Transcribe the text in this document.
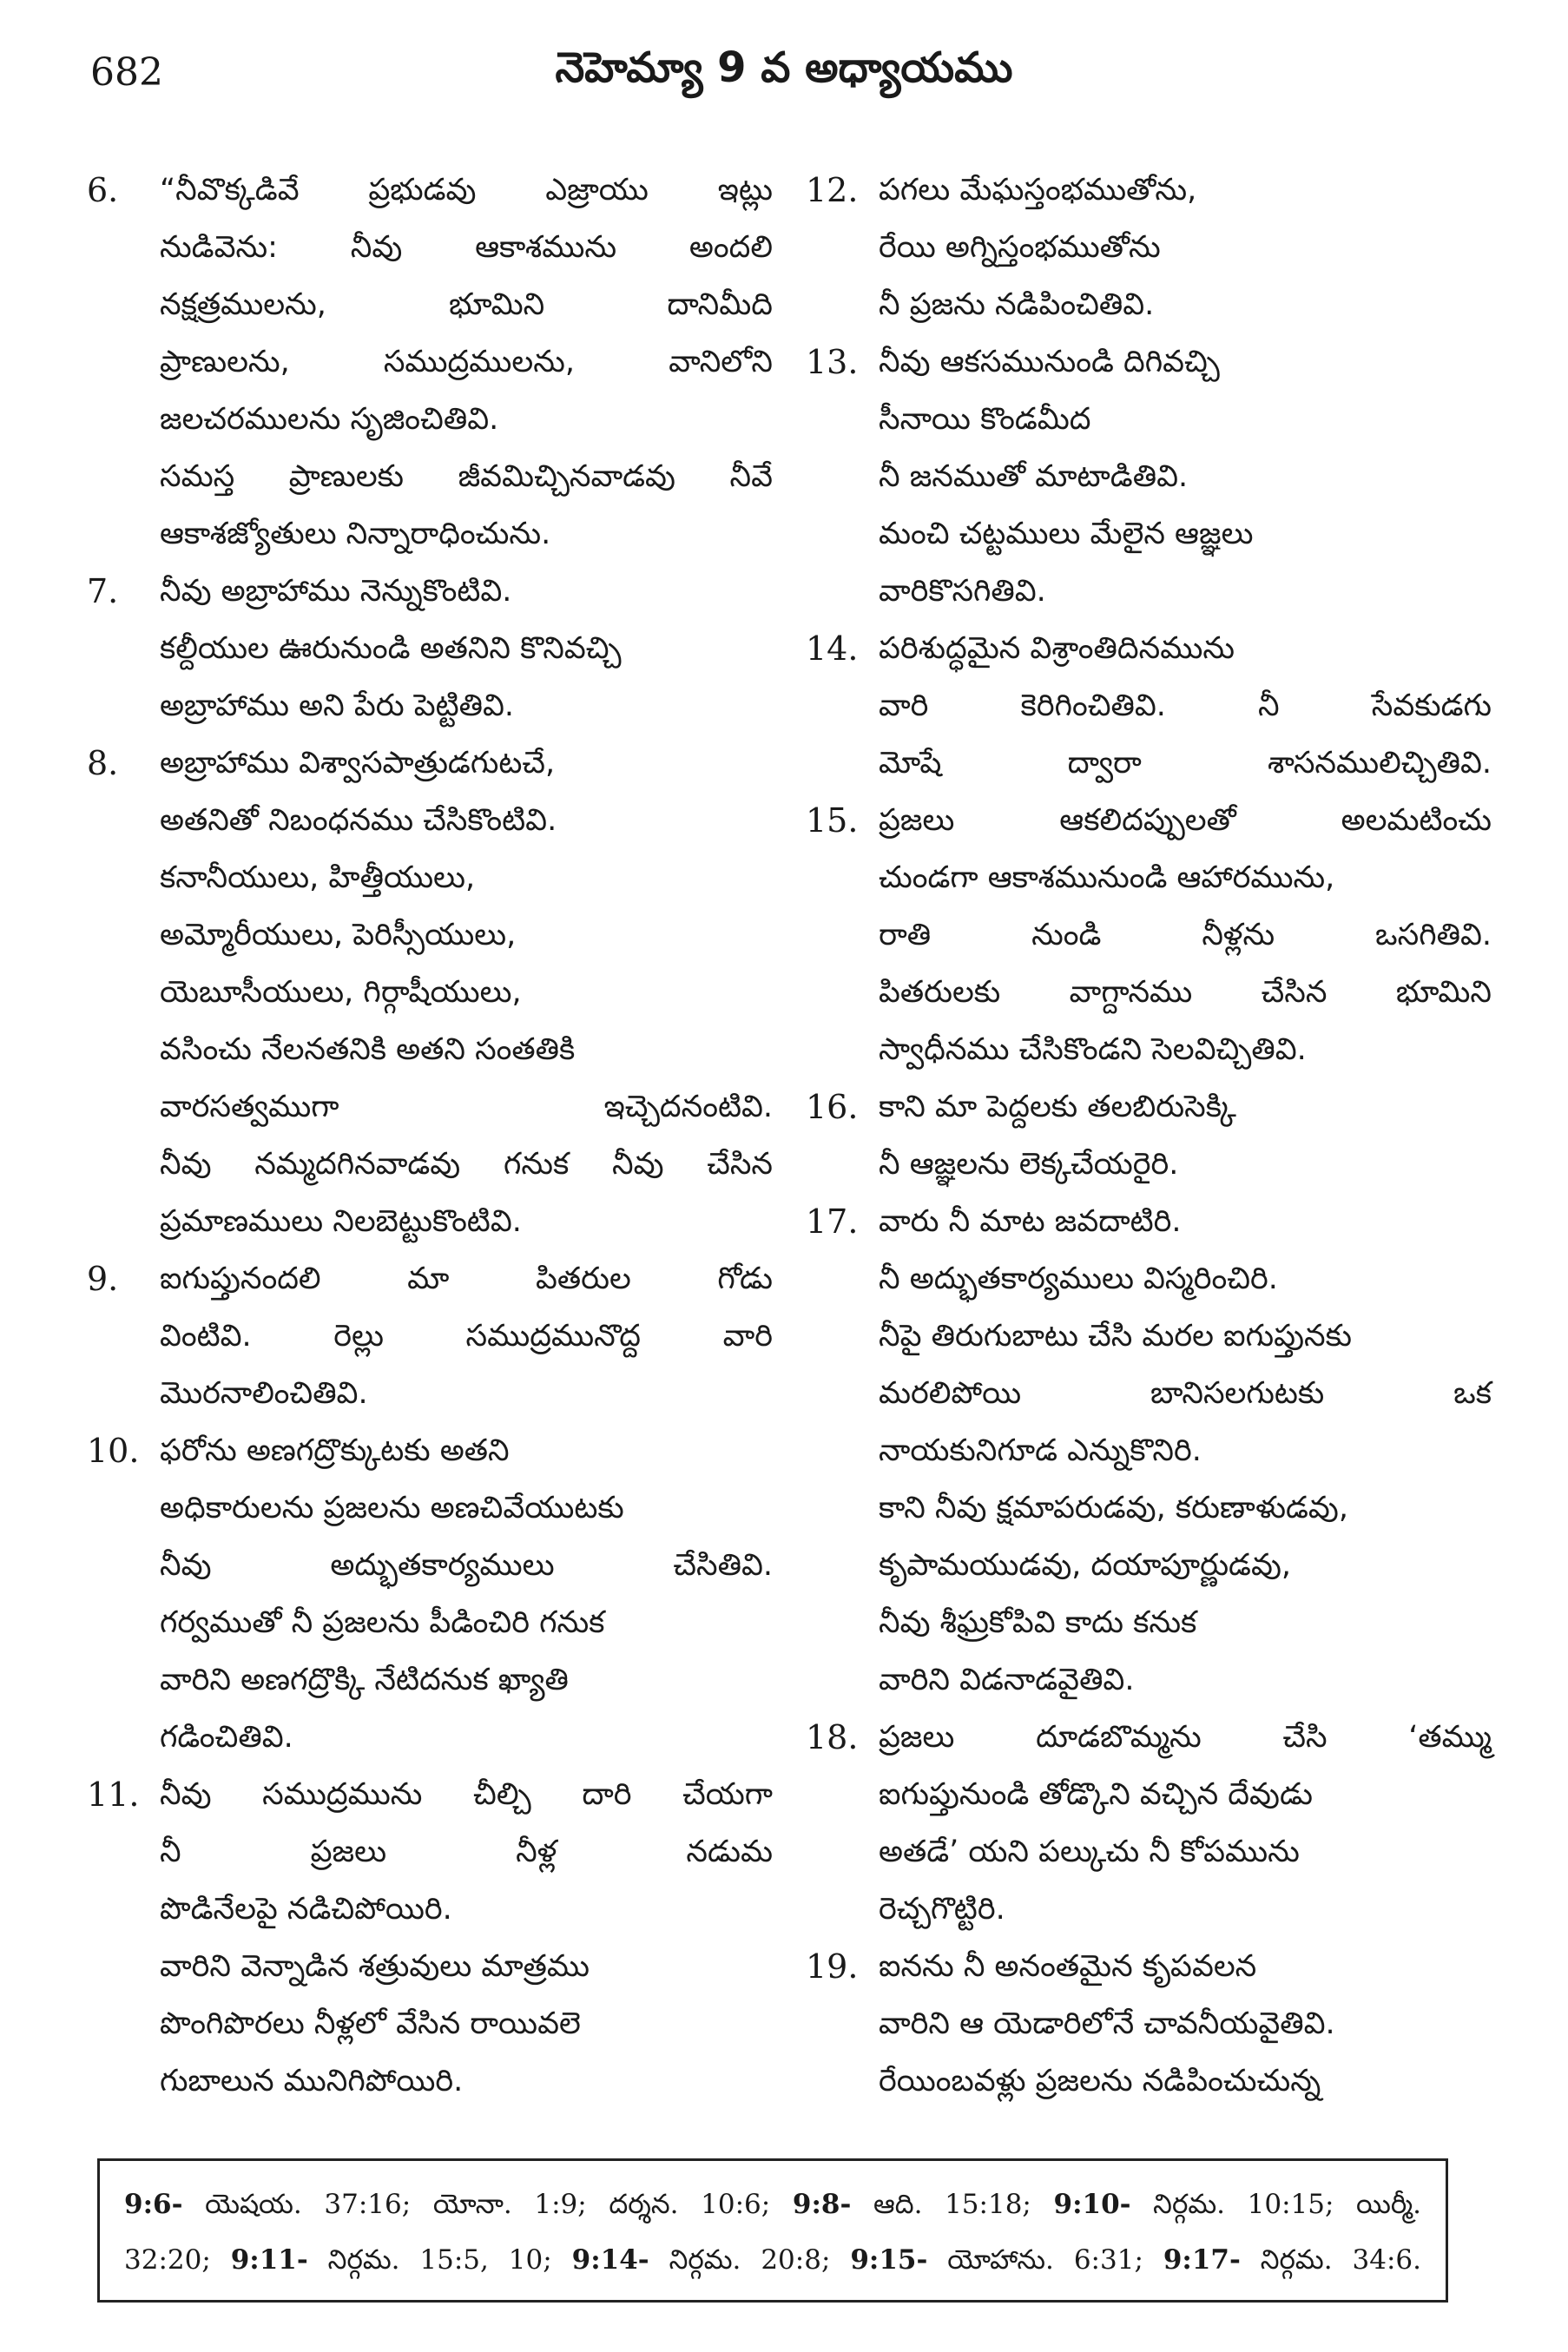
682	నెహెమ్యా 9 వ అధ్యాయము
6. “నీవొక్కడివే ప్రభుడవు ఎజ్రాయు ఇట్లు
నుడివెను: నీవు ఆకాశమును అందలి
నక్షత్రములను, భూమిని దానిమీది
ప్రాణులను, సముద్రములను, వానిలోని
జలచరములను సృజించితివి.
సమస్త ప్రాణులకు జీవమిచ్చినవాడవు నీవే
ఆకాశజ్యోతులు నిన్నారాధించును.
7. నీవు అబ్రాహాము నెన్నుకొంటివి.
కల్దీయుల ఊరునుండి అతనిని కొనివచ్చి
అబ్రాహాము అని పేరు పెట్టితివి.
8. అబ్రాహాము విశ్వాసపాత్రుడగుటచే,
అతనితో నిబంధనము చేసికొంటివి.
కనానీయులు, హిత్తీయులు,
అమ్మోరీయులు, పెరిస్సీయులు,
యెబూసీయులు, గిర్గాషీయులు,
వసించు నేలనతనికి అతని సంతతికి
వారసత్వముగా ఇచ్చెదనంటివి.
నీవు నమ్మదగినవాడవు గనుక నీవు చేసిన
ప్రమాణములు నిలబెట్టుకొంటివి.
9. ఐగుప్తునందలి మా పితరుల గోడు
వింటివి. రెల్లు సముద్రమునొద్ద వారి
మొరనాలించితివి.
10. ఫరోను అణగద్రొక్కుటకు అతని
అధికారులను ప్రజలను అణచివేయుటకు
నీవు అద్భుతకార్యములు చేసితివి.
గర్వముతో నీ ప్రజలను పీడించిరి గనుక
వారిని అణగద్రొక్కి నేటిదనుక ఖ్యాతి
గడించితివి.
11. నీవు సముద్రమును చీల్చి దారి చేయగా
నీ ప్రజలు నీళ్ల నడుమ
పొడినేలపై నడిచిపోయిరి.
వారిని వెన్నాడిన శత్రువులు మాత్రము
పొంగిపొరలు నీళ్లలో వేసిన రాయివలె
గుబాలున మునిగిపోయిరి.
12. పగలు మేఘస్తంభముతోను,
రేయి అగ్నిస్తంభముతోను
నీ ప్రజను నడిపించితివి.
13. నీవు ఆకసమునుండి దిగివచ్చి
సీనాయి కొండమీద
నీ జనముతో మాటాడితివి.
మంచి చట్టములు మేలైన ఆజ్ఞలు
వారికొసగితివి.
14. పరిశుద్ధమైన విశ్రాంతిదినమును
వారి కెరిగించితివి. నీ సేవకుడగు
మోషే ద్వారా శాసనములిచ్చితివి.
15. ప్రజలు ఆకలిదప్పులతో అలమటించు
చుండగా ఆకాశమునుండి ఆహారమును,
రాతి నుండి నీళ్లను ఒసగితివి.
పితరులకు వాగ్దానము చేసిన భూమిని
స్వాధీనము చేసికొండని సెలవిచ్చితివి.
16. కాని మా పెద్దలకు తలబిరుసెక్కి
నీ ఆజ్ఞలను లెక్కచేయరైరి.
17. వారు నీ మాట జవదాటిరి.
నీ అద్భుతకార్యములు విస్మరించిరి.
నీపై తిరుగుబాటు చేసి మరల ఐగుప్తునకు
మరలిపోయి బానిసలగుటకు ఒక
నాయకునిగూడ ఎన్నుకొనిరి.
కాని నీవు క్షమాపరుడవు, కరుణాళుడవు,
కృపామయుడవు, దయాపూర్ణుడవు,
నీవు శీఘ్రకోపివి కాదు కనుక
వారిని విడనాడవైతివి.
18. ప్రజలు దూడబొమ్మను చేసి ‘తమ్ము
ఐగుప్తునుండి తోడ్కొని వచ్చిన దేవుడు
అతడే’ యని పల్కుచు నీ కోపమును
రెచ్చగొట్టిరి.
19. ఐనను నీ అనంతమైన కృపవలన
వారిని ఆ యెడారిలోనే చావనీయవైతివి.
రేయింబవళ్లు ప్రజలను నడిపించుచున్న
9:6- యెషయ. 37:16; యోనా. 1:9; దర్శన. 10:6; 9:8- ఆది. 15:18; 9:10- నిర్గమ. 10:15; యిర్మీ.
32:20; 9:11- నిర్గమ. 15:5, 10; 9:14- నిర్గమ. 20:8; 9:15- యోహాను. 6:31; 9:17- నిర్గమ. 34:6.
